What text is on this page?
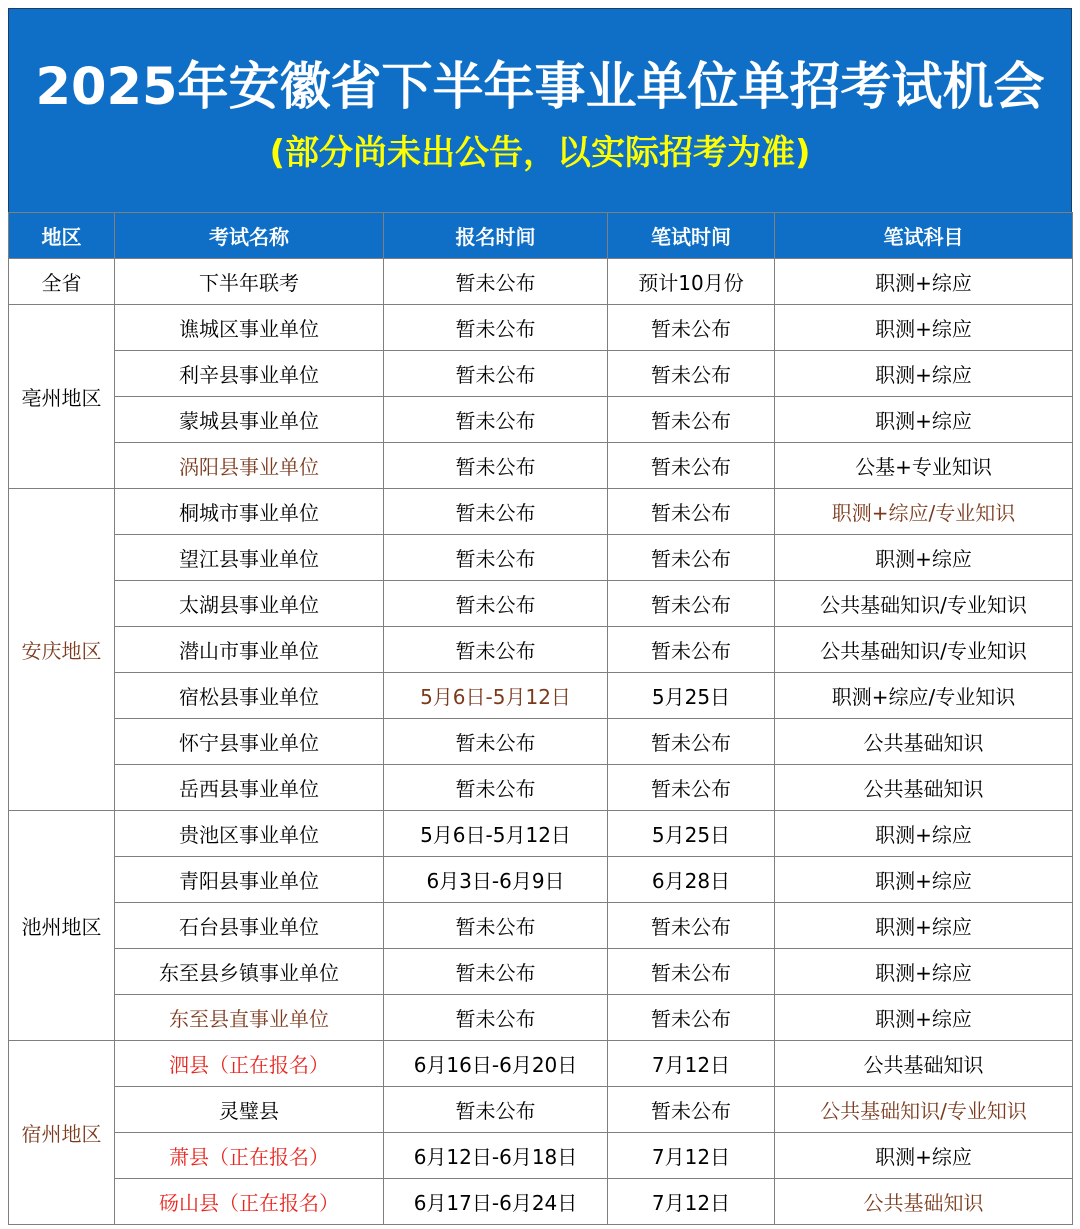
2025年安徽省下半年事业单位单招考试机会
(部分尚未出公告，以实际招考为准)
地区	考试名称	报名时间	笔试时间	笔试科目
全省	下半年联考	暂未公布	预计10月份	职测+综应
亳州地区	谯城区事业单位	暂未公布	暂未公布	职测+综应
	利辛县事业单位	暂未公布	暂未公布	职测+综应
	蒙城县事业单位	暂未公布	暂未公布	职测+综应
	涡阳县事业单位	暂未公布	暂未公布	公基+专业知识
安庆地区	桐城市事业单位	暂未公布	暂未公布	职测+综应/专业知识
	望江县事业单位	暂未公布	暂未公布	职测+综应
	太湖县事业单位	暂未公布	暂未公布	公共基础知识/专业知识
	潜山市事业单位	暂未公布	暂未公布	公共基础知识/专业知识
	宿松县事业单位	5月6日-5月12日	5月25日	职测+综应/专业知识
	怀宁县事业单位	暂未公布	暂未公布	公共基础知识
	岳西县事业单位	暂未公布	暂未公布	公共基础知识
池州地区	贵池区事业单位	5月6日-5月12日	5月25日	职测+综应
	青阳县事业单位	6月3日-6月9日	6月28日	职测+综应
	石台县事业单位	暂未公布	暂未公布	职测+综应
	东至县乡镇事业单位	暂未公布	暂未公布	职测+综应
	东至县直事业单位	暂未公布	暂未公布	职测+综应
宿州地区	泗县（正在报名）	6月16日-6月20日	7月12日	公共基础知识
	灵璧县	暂未公布	暂未公布	公共基础知识/专业知识
	萧县（正在报名）	6月12日-6月18日	7月12日	职测+综应
	砀山县（正在报名）	6月17日-6月24日	7月12日	公共基础知识
